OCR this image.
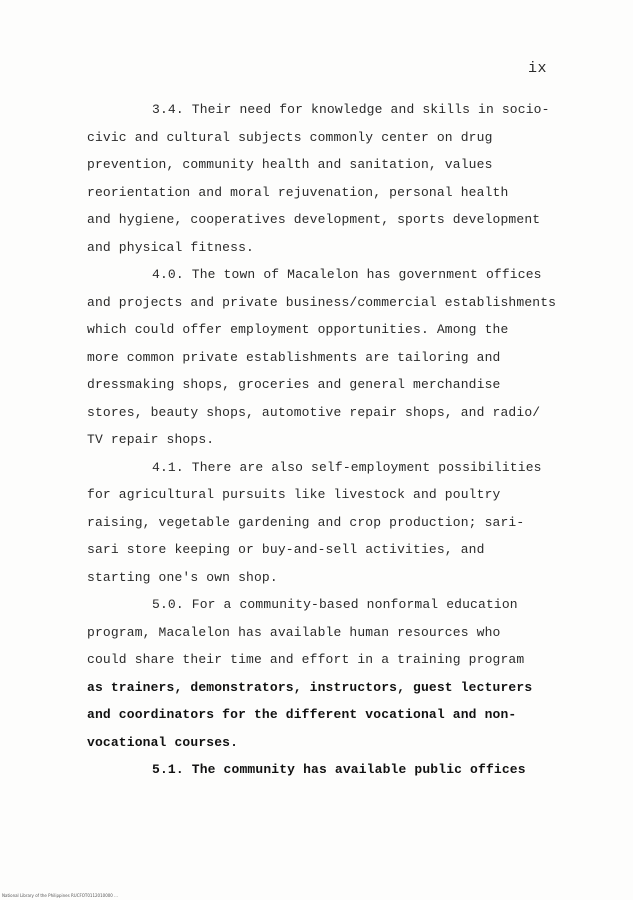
ix
3.4. Their need for knowledge and skills in socio-
civic and cultural subjects commonly center on drug
prevention, community health and sanitation, values
reorientation and moral rejuvenation, personal health
and hygiene, cooperatives development, sports development
and physical fitness.
4.0. The town of Macalelon has government offices
and projects and private business/commercial establishments
which could offer employment opportunities. Among the
more common private establishments are tailoring and
dressmaking shops, groceries and general merchandise
stores, beauty shops, automotive repair shops, and radio/
TV repair shops.
4.1. There are also self-employment possibilities
for agricultural pursuits like livestock and poultry
raising, vegetable gardening and crop production; sari-
sari store keeping or buy-and-sell activities, and
starting one's own shop.
5.0. For a community-based nonformal education
program, Macalelon has available human resources who
could share their time and effort in a training program
as trainers, demonstrators, instructors, guest lecturers
and coordinators for the different vocational and non-
vocational courses.
5.1. The community has available public offices
National Library of the Philippines RUCFOT0112010000 ...
